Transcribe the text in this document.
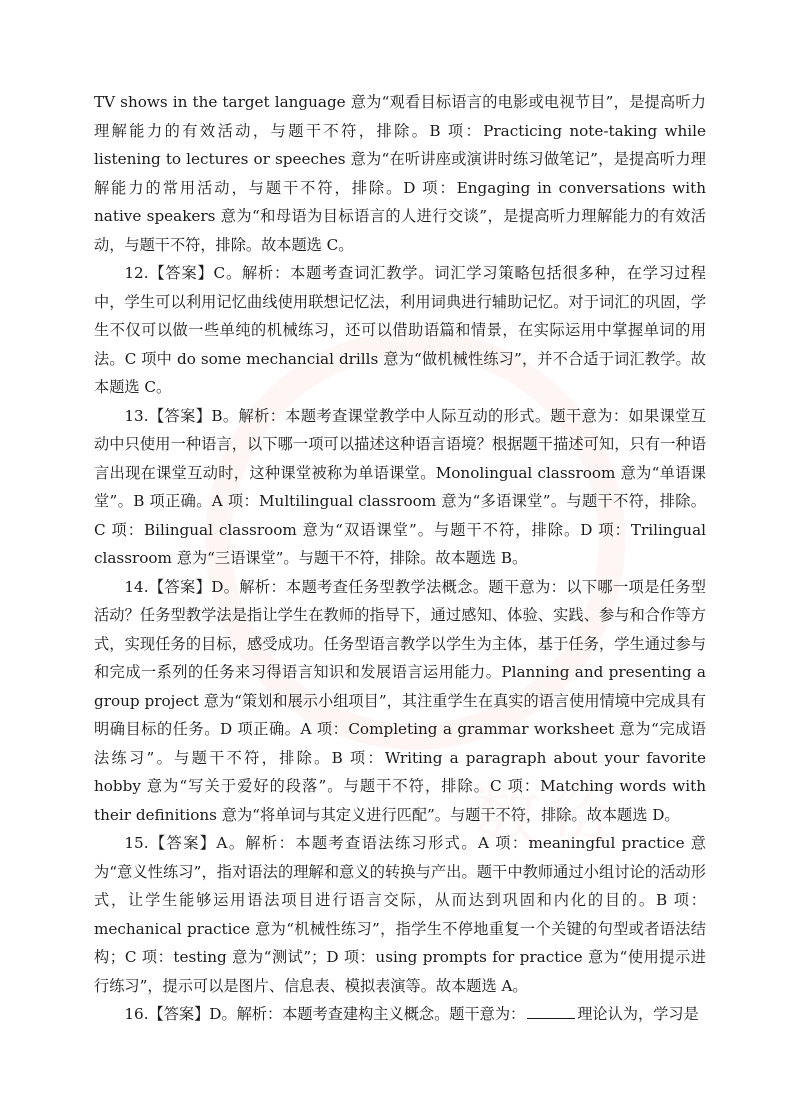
数资

TV shows in the target language 意为“观看目标语言的电影或电视节目”，是提高听力理解能力的有效活动，与题干不符，排除。B 项：Practicing note-taking while listening to lectures or speeches 意为“在听讲座或演讲时练习做笔记”，是提高听力理解能力的常用活动，与题干不符，排除。D 项：Engaging in conversations with native speakers 意为“和母语为目标语言的人进行交谈”，是提高听力理解能力的有效活动，与题干不符，排除。故本题选 C。

12.【答案】C。解析：本题考查词汇教学。词汇学习策略包括很多种，在学习过程中，学生可以利用记忆曲线使用联想记忆法，利用词典进行辅助记忆。对于词汇的巩固，学生不仅可以做一些单纯的机械练习，还可以借助语篇和情景，在实际运用中掌握单词的用法。C 项中 do some mechancial drills 意为“做机械性练习”，并不合适于词汇教学。故本题选 C。

13.【答案】B。解析：本题考查课堂教学中人际互动的形式。题干意为：如果课堂互动中只使用一种语言，以下哪一项可以描述这种语言语境？根据题干描述可知，只有一种语言出现在课堂互动时，这种课堂被称为单语课堂。Monolingual classroom 意为“单语课堂”。B 项正确。A 项：Multilingual classroom 意为“多语课堂”。与题干不符，排除。C 项：Bilingual classroom 意为“双语课堂”。与题干不符，排除。D 项：Trilingual classroom 意为“三语课堂”。与题干不符，排除。故本题选 B。

14.【答案】D。解析：本题考查任务型教学法概念。题干意为：以下哪一项是任务型活动？任务型教学法是指让学生在教师的指导下，通过感知、体验、实践、参与和合作等方式，实现任务的目标，感受成功。任务型语言教学以学生为主体，基于任务，学生通过参与和完成一系列的任务来习得语言知识和发展语言运用能力。Planning and presenting a group project 意为“策划和展示小组项目”，其注重学生在真实的语言使用情境中完成具有明确目标的任务。D 项正确。A 项：Completing a grammar worksheet 意为“完成语法练习”。与题干不符，排除。B 项：Writing a paragraph about your favorite hobby 意为“写关于爱好的段落”。与题干不符，排除。C 项：Matching words with their definitions 意为“将单词与其定义进行匹配”。与题干不符，排除。故本题选 D。

15.【答案】A。解析：本题考查语法练习形式。A 项：meaningful practice 意为“意义性练习”，指对语法的理解和意义的转换与产出。题干中教师通过小组讨论的活动形式，让学生能够运用语法项目进行语言交际，从而达到巩固和内化的目的。B 项：mechanical practice 意为“机械性练习”，指学生不停地重复一个关键的句型或者语法结构；C 项：testing 意为“测试”；D 项：using prompts for practice 意为“使用提示进行练习”，提示可以是图片、信息表、模拟表演等。故本题选 A。

16.【答案】D。解析：本题考查建构主义概念。题干意为：	理论认为，学习是
